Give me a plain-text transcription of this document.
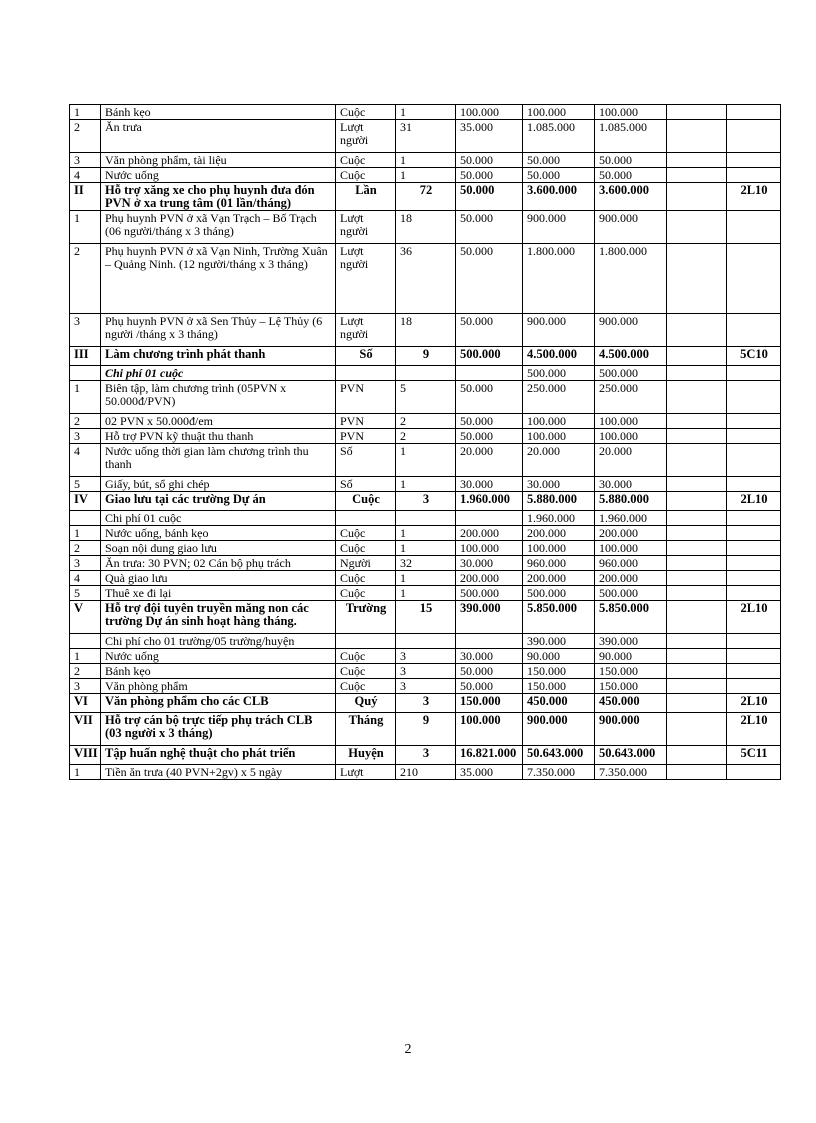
1	Bánh kẹo	Cuộc	1	100.000	100.000	100.000		
2	Ăn trưa	Lượt người	31	35.000	1.085.000	1.085.000		
3	Văn phòng phẩm, tài liệu	Cuộc	1	50.000	50.000	50.000		
4	Nước uống	Cuộc	1	50.000	50.000	50.000		
II	Hỗ trợ xăng xe cho phụ huynh đưa đón PVN ở xa trung tâm (01 lần/tháng)	Lần	72	50.000	3.600.000	3.600.000		2L10
1	Phụ huynh PVN ở xã Vạn Trạch – Bố Trạch (06 người/tháng x 3 tháng)	Lượt người	18	50.000	900.000	900.000		
2	Phụ huynh PVN ở xã Vạn Ninh, Trường Xuân – Quảng Ninh. (12 người/tháng x 3 tháng)	Lượt người	36	50.000	1.800.000	1.800.000		
3	Phụ huynh PVN ở xã Sen Thủy – Lệ Thủy (6 người /tháng x 3 tháng)	Lượt người	18	50.000	900.000	900.000		
III	Làm chương trình phát thanh	Số	9	500.000	4.500.000	4.500.000		5C10
	Chi phí 01 cuộc				500.000	500.000		
1	Biên tập, làm chương trình (05PVN x 50.000đ/PVN)	PVN	5	50.000	250.000	250.000		
2	02 PVN x 50.000đ/em	PVN	2	50.000	100.000	100.000		
3	Hỗ trợ PVN kỹ thuật thu thanh	PVN	2	50.000	100.000	100.000		
4	Nước uống thời gian làm chương trình thu thanh	Số	1	20.000	20.000	20.000		
5	Giấy, bút, sổ ghi chép	Số	1	30.000	30.000	30.000		
IV	Giao lưu tại các trường Dự án	Cuộc	3	1.960.000	5.880.000	5.880.000		2L10
	Chi phí 01 cuộc				1.960.000	1.960.000		
1	Nước uống, bánh kẹo	Cuộc	1	200.000	200.000	200.000		
2	Soạn nội dung giao lưu	Cuộc	1	100.000	100.000	100.000		
3	Ăn trưa: 30 PVN; 02 Cán bộ phụ trách	Người	32	30.000	960.000	960.000		
4	Quà giao lưu	Cuộc	1	200.000	200.000	200.000		
5	Thuê xe đi lại	Cuộc	1	500.000	500.000	500.000		
V	Hỗ trợ đội tuyên truyền măng non các trường Dự án sinh hoạt hàng tháng.	Trường	15	390.000	5.850.000	5.850.000		2L10
	Chi phí cho 01 trường/05 trường/huyện				390.000	390.000		
1	Nước uống	Cuộc	3	30.000	90.000	90.000		
2	Bánh kẹo	Cuộc	3	50.000	150.000	150.000		
3	Văn phòng phẩm	Cuộc	3	50.000	150.000	150.000		
VI	Văn phòng phẩm cho các CLB	Quý	3	150.000	450.000	450.000		2L10
VII	Hỗ trợ cán bộ trực tiếp phụ trách CLB (03 người x 3 tháng)	Tháng	9	100.000	900.000	900.000		2L10
VIII	Tập huấn nghệ thuật cho phát triển	Huyện	3	16.821.000	50.643.000	50.643.000		5C11
1	Tiền ăn trưa (40 PVN+2gv) x 5 ngày	Lượt	210	35.000	7.350.000	7.350.000		
2
